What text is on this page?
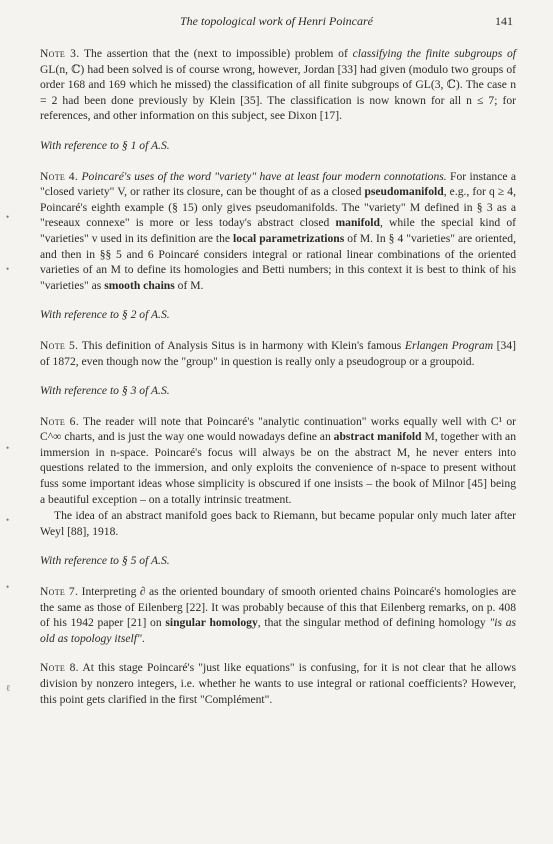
The topological work of Henri Poincaré	141
•
•
•
•
•
ℓ

Note 3. The assertion that the (next to impossible) problem of classifying the finite subgroups of GL(n, ℂ) had been solved is of course wrong, however, Jordan [33] had given (modulo two groups of order 168 and 169 which he missed) the classification of all finite subgroups of GL(3, ℂ). The case n = 2 had been done previously by Klein [35]. The classification is now known for all n ≤ 7; for references, and other information on this subject, see Dixon [17].

With reference to § 1 of A.S.

Note 4. Poincaré's uses of the word "variety" have at least four modern connotations. For instance a "closed variety" V, or rather its closure, can be thought of as a closed pseudomanifold, e.g., for q ≥ 4, Poincaré's eighth example (§ 15) only gives pseudomanifolds. The "variety" M defined in § 3 as a "reseaux connexe" is more or less today's abstract closed manifold, while the special kind of "varieties" v used in its definition are the local parametrizations of M. In § 4 "varieties" are oriented, and then in §§ 5 and 6 Poincaré considers integral or rational linear combinations of the oriented varieties of an M to define its homologies and Betti numbers; in this context it is best to think of his "varieties" as smooth chains of M.

With reference to § 2 of A.S.

Note 5. This definition of Analysis Situs is in harmony with Klein's famous Erlangen Program [34] of 1872, even though now the "group" in question is really only a pseudogroup or a groupoid.

With reference to § 3 of A.S.

Note 6. The reader will note that Poincaré's "analytic continuation" works equally well with C¹ or C^∞ charts, and is just the way one would nowadays define an abstract manifold M, together with an immersion in n-space. Poincaré's focus will always be on the abstract M, he never enters into questions related to the immersion, and only exploits the convenience of n-space to present without fuss some important ideas whose simplicity is obscured if one insists – the book of Milnor [45] being a beautiful exception – on a totally intrinsic treatment.

The idea of an abstract manifold goes back to Riemann, but became popular only much later after Weyl [88], 1918.

With reference to § 5 of A.S.

Note 7. Interpreting ∂ as the oriented boundary of smooth oriented chains Poincaré's homologies are the same as those of Eilenberg [22]. It was probably because of this that Eilenberg remarks, on p. 408 of his 1942 paper [21] on singular homology, that the singular method of defining homology "is as old as topology itself".

Note 8. At this stage Poincaré's "just like equations" is confusing, for it is not clear that he allows division by nonzero integers, i.e. whether he wants to use integral or rational coefficients? However, this point gets clarified in the first "Complément".
